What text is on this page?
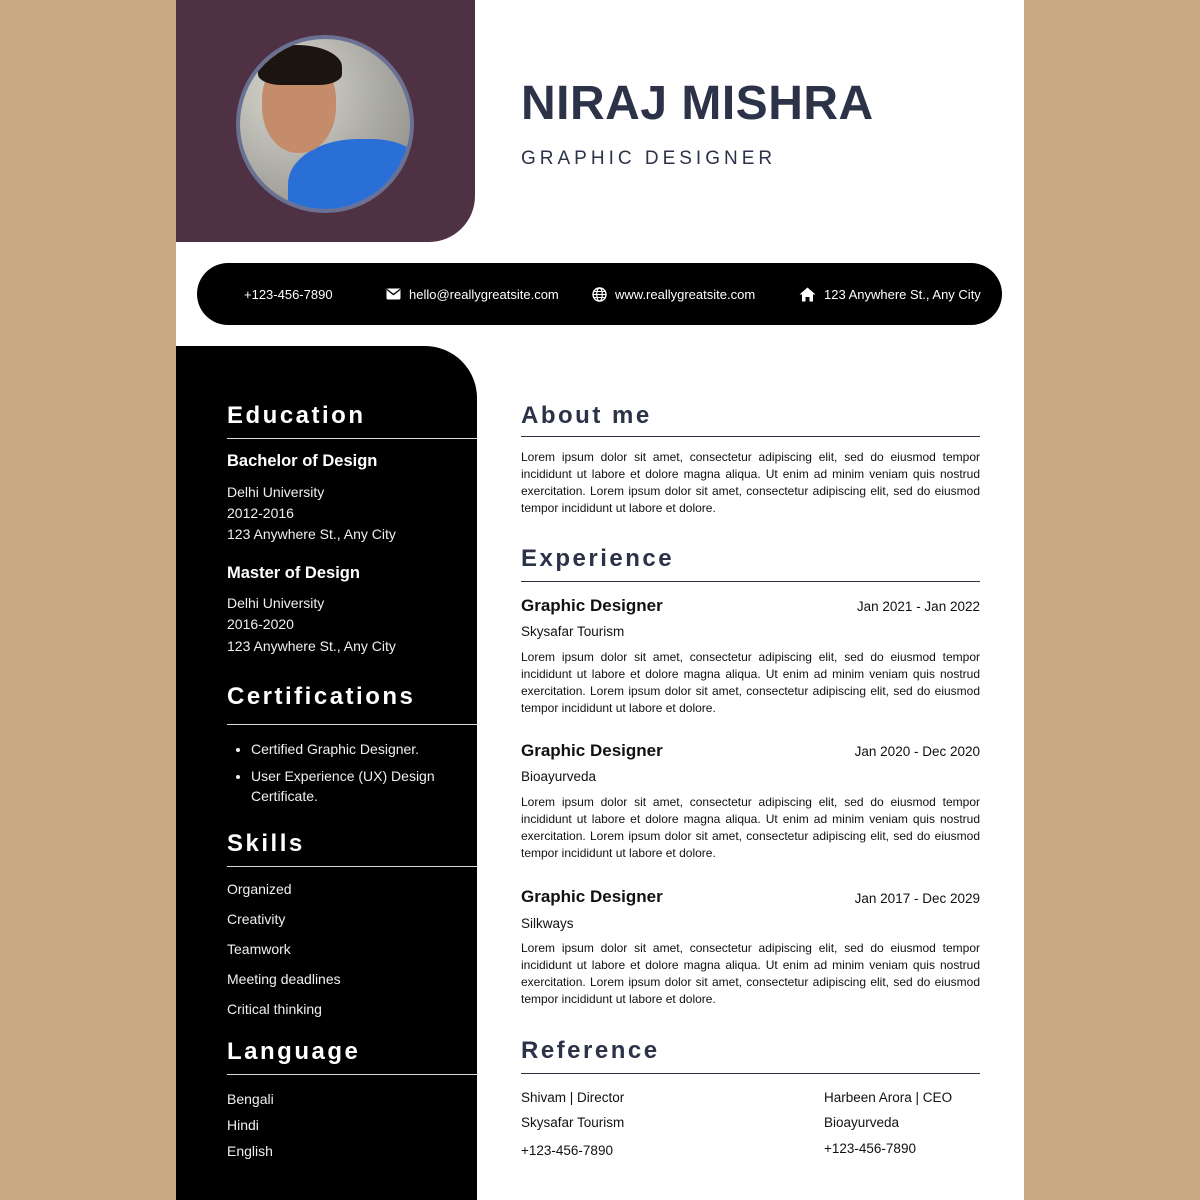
NIRAJ MISHRA

GRAPHIC DESIGNER

+123-456-7890	hello@reallygreatsite.com	www.reallygreatsite.com	123 Anywhere St., Any City
Education

Bachelor of Design

Delhi University

2012-2016

123 Anywhere St., Any City

Master of Design

Delhi University

2016-2020

123 Anywhere St., Any City

Certifications
• Certified Graphic Designer.
• User Experience (UX) Design Certificate.
Skills

Organized

Creativity

Teamwork

Meeting deadlines

Critical thinking

Language

Bengali

Hindi

English

About me

Lorem ipsum dolor sit amet, consectetur adipiscing elit, sed do eiusmod tempor incididunt ut labore et dolore magna aliqua. Ut enim ad minim veniam quis nostrud exercitation. Lorem ipsum dolor sit amet, consectetur adipiscing elit, sed do eiusmod tempor incididunt ut labore et dolore.

Experience

Graphic Designer	Jan 2021 - Jan 2022

Skysafar Tourism

Lorem ipsum dolor sit amet, consectetur adipiscing elit, sed do eiusmod tempor incididunt ut labore et dolore magna aliqua. Ut enim ad minim veniam quis nostrud exercitation. Lorem ipsum dolor sit amet, consectetur adipiscing elit, sed do eiusmod tempor incididunt ut labore et dolore.

Graphic Designer	Jan 2020 - Dec 2020

Bioayurveda

Lorem ipsum dolor sit amet, consectetur adipiscing elit, sed do eiusmod tempor incididunt ut labore et dolore magna aliqua. Ut enim ad minim veniam quis nostrud exercitation. Lorem ipsum dolor sit amet, consectetur adipiscing elit, sed do eiusmod tempor incididunt ut labore et dolore.

Graphic Designer	Jan 2017 - Dec 2029

Silkways

Lorem ipsum dolor sit amet, consectetur adipiscing elit, sed do eiusmod tempor incididunt ut labore et dolore magna aliqua. Ut enim ad minim veniam quis nostrud exercitation. Lorem ipsum dolor sit amet, consectetur adipiscing elit, sed do eiusmod tempor incididunt ut labore et dolore.

Reference

Shivam | Director

Skysafar Tourism

+123-456-7890

Harbeen Arora | CEO

Bioayurveda

+123-456-7890
